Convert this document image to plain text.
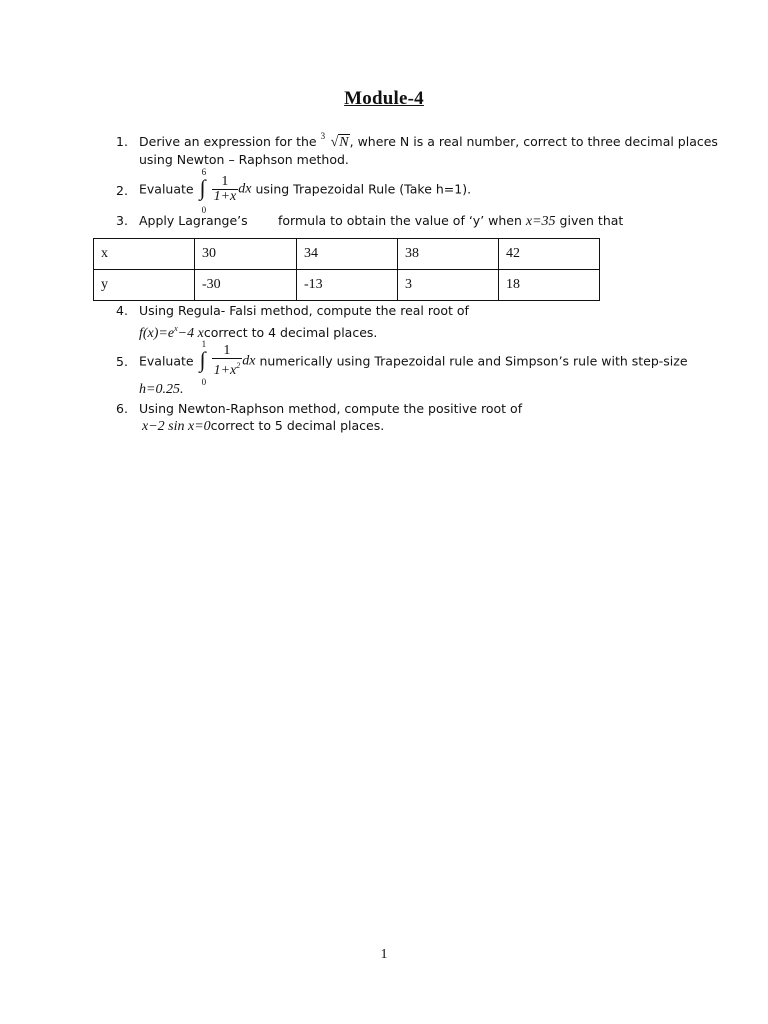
Module-4
1. Derive an expression for the 3 √N, where N is a real number, correct to three decimal places
using Newton – Raphson method.
2. Evaluate
6
∫
0
$\frac{1}{1+x}$ dx using Trapezoidal Rule (Take h=1).
3. Apply Lagrange’s formula to obtain the value of ‘y’ when x=35 given that
x	30	34	38	42
y	-30	-13	3	18
4. Using Regula- Falsi method, compute the real root of
$f(x)=e^x-4$ xcorrect to 4 decimal places.
5. Evaluate
1
∫
0
$\frac{1}{1+x^2}$ dx numerically using Trapezoidal rule and Simpson’s rule with step-size
h=0.25.
6. Using Newton-Raphson method, compute the positive root of
x−2 sin x=0correct to 5 decimal places.
1
